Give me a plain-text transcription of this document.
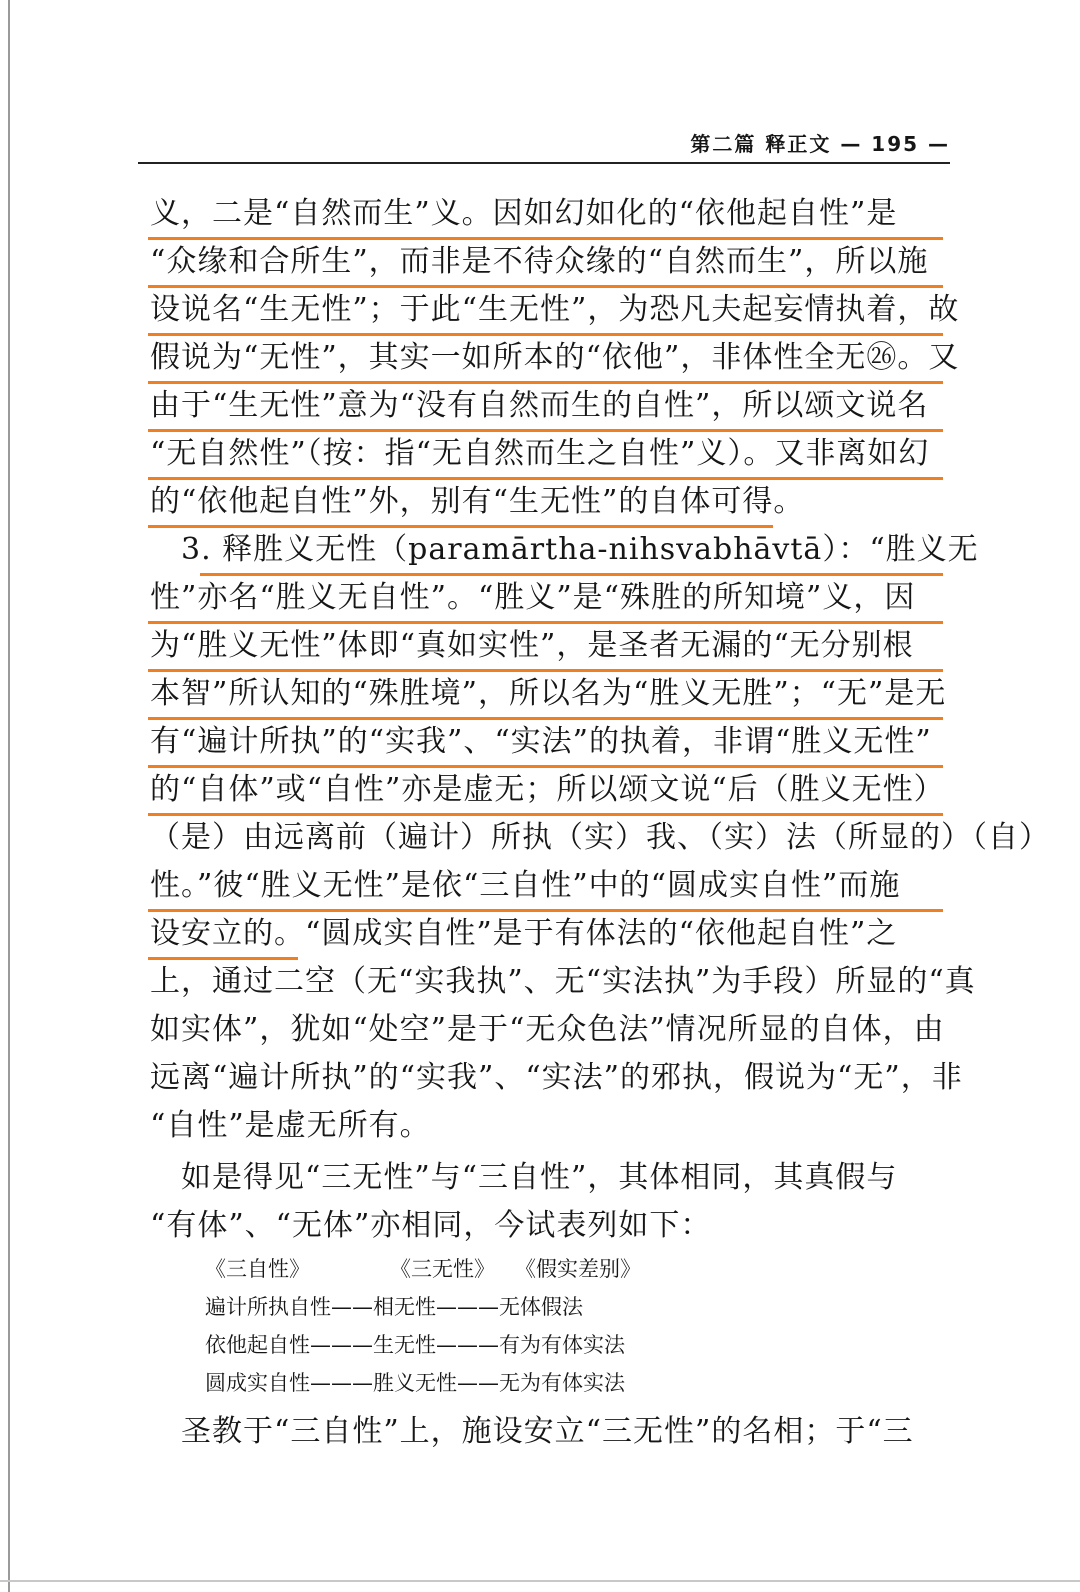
第二篇 释正文 — 195 —
义，二是“自然而生”义。因如幻如化的“依他起自性”是
“众缘和合所生”，而非是不待众缘的“自然而生”，所以施
设说名“生无性”；于此“生无性”，为恐凡夫起妄情执着，故
假说为“无性”，其实一如所本的“依他”，非体性全无㉖。又
由于“生无性”意为“没有自然而生的自性”，所以颂文说名
“无自然性”（按：指“无自然而生之自性”义）。又非离如幻
的“依他起自性”外，别有“生无性”的自体可得。
　3. 释胜义无性（paramārtha-nihsvabhāvtā）：“胜义无
性”亦名“胜义无自性”。“胜义”是“殊胜的所知境”义，因
为“胜义无性”体即“真如实性”，是圣者无漏的“无分别根
本智”所认知的“殊胜境”，所以名为“胜义无胜”；“无”是无
有“遍计所执”的“实我”、“实法”的执着，非谓“胜义无性”
的“自体”或“自性”亦是虚无；所以颂文说“后（胜义无性）
（是）由远离前（遍计）所执（实）我、（实）法（所显的）（自）
性。”彼“胜义无性”是依“三自性”中的“圆成实自性”而施
设安立的。“圆成实自性”是于有体法的“依他起自性”之
上，通过二空（无“实我执”、无“实法执”为手段）所显的“真
如实体”，犹如“处空”是于“无众色法”情况所显的自体，由
远离“遍计所执”的“实我”、“实法”的邪执，假说为“无”，非
“自性”是虚无所有。
　如是得见“三无性”与“三自性”，其体相同，其真假与
“有体”、“无体”亦相同，今试表列如下：
《三自性》	《三无性》 《假实差别》
遍计所执自性——相无性———无体假法
依他起自性———生无性———有为有体实法
圆成实自性———胜义无性——无为有体实法
　圣教于“三自性”上，施设安立“三无性”的名相；于“三
